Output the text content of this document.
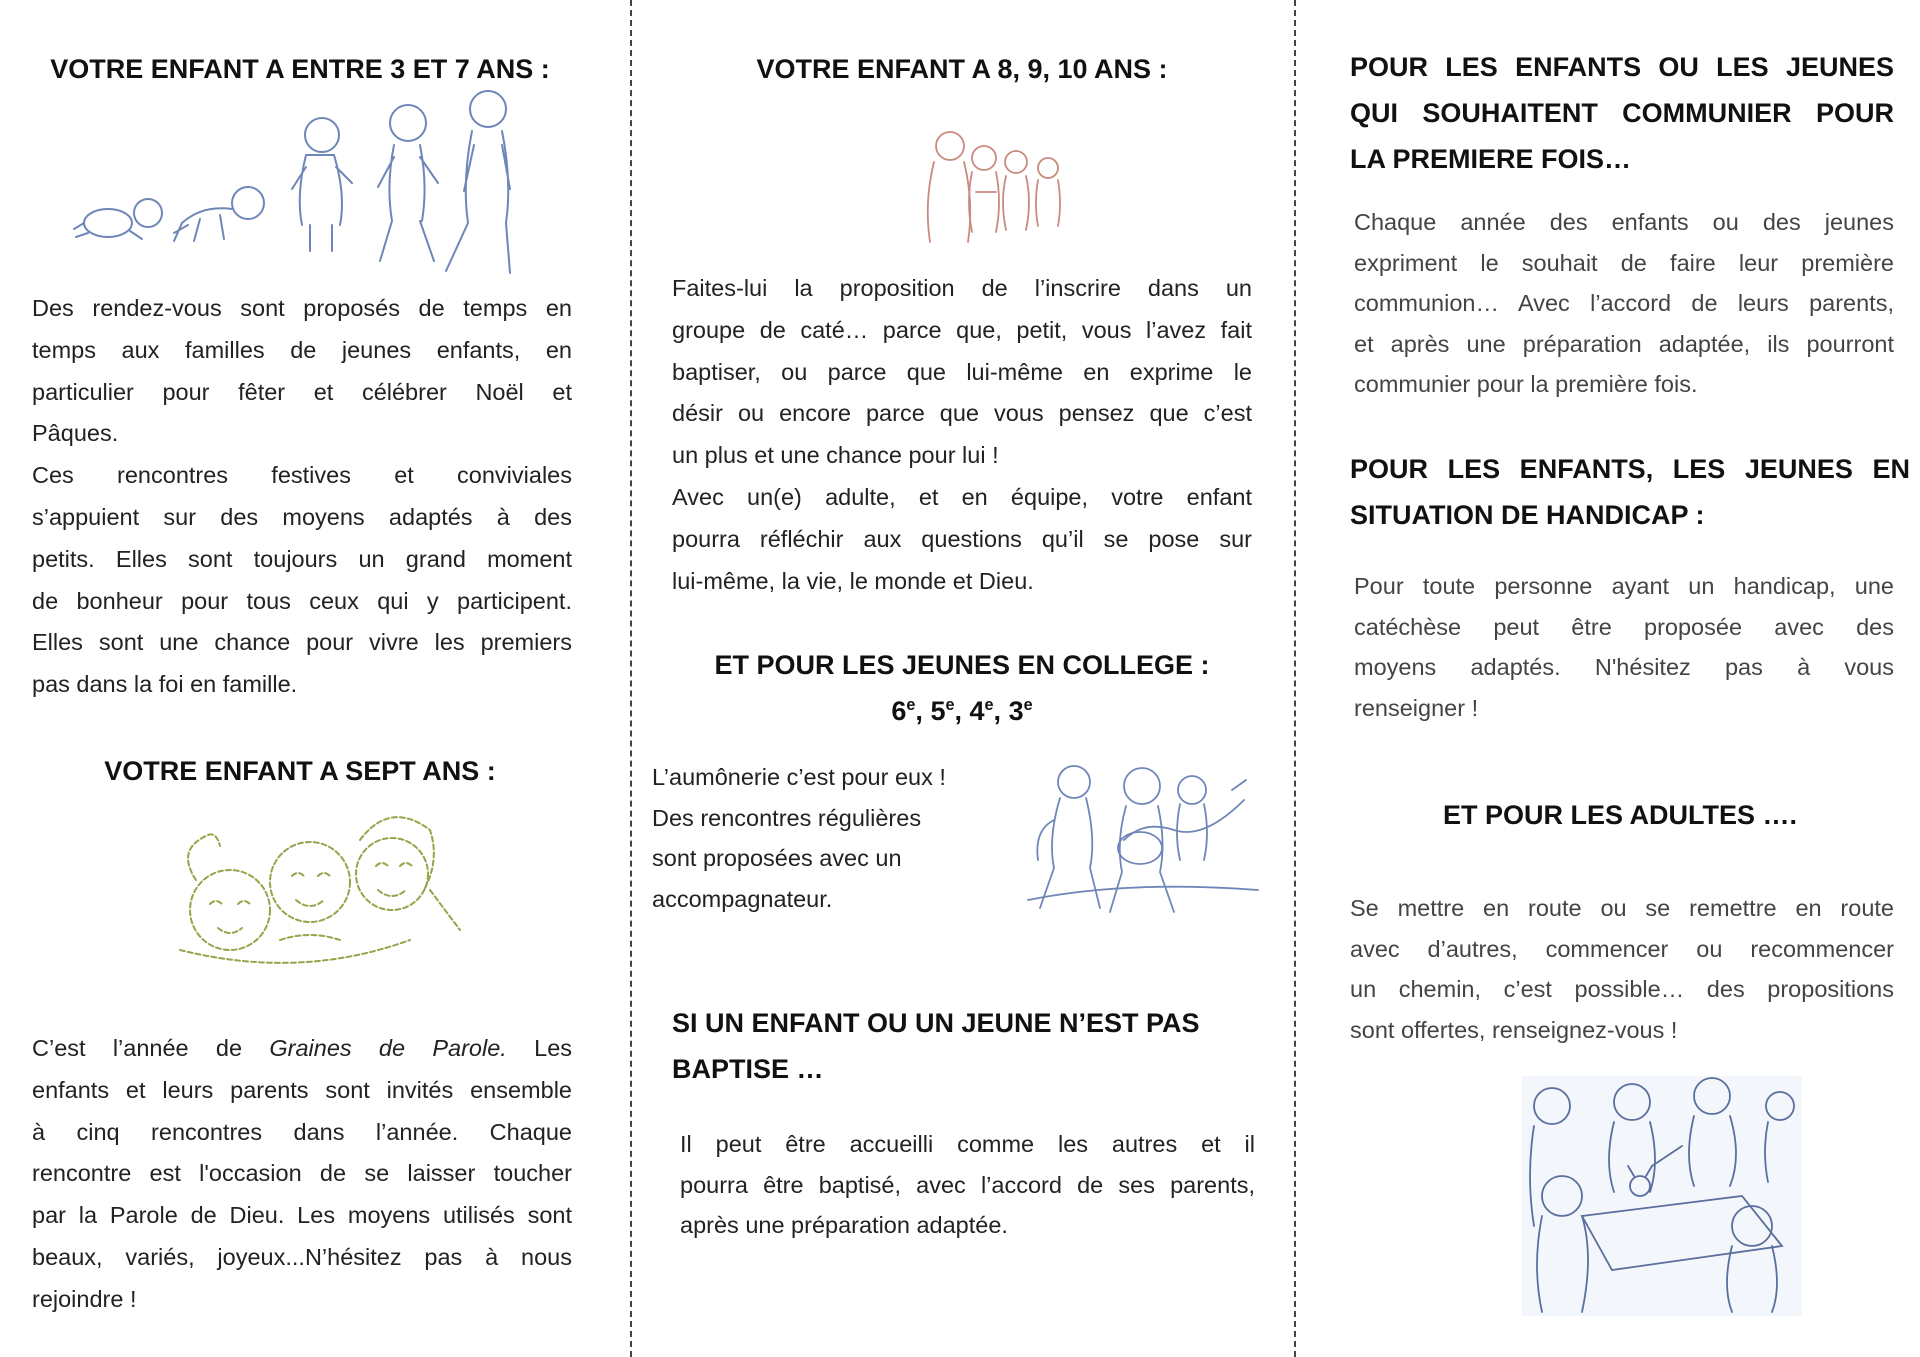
VOTRE ENFANT A ENTRE 3 ET 7 ANS :
Des rendez-vous sont proposés de temps en
temps aux familles de jeunes enfants, en
particulier pour fêter et célébrer Noël et
Pâques.
Ces rencontres festives et conviviales
s’appuient sur des moyens adaptés à des
petits. Elles sont toujours un grand moment
de bonheur pour tous ceux qui y participent.
Elles sont une chance pour vivre les premiers
pas dans la foi en famille.
VOTRE ENFANT A SEPT ANS :
C’est l’année de Graines de Parole. Les
enfants et leurs parents sont invités ensemble
à cinq rencontres dans l’année. Chaque
rencontre est l'occasion de se laisser toucher
par la Parole de Dieu. Les moyens utilisés sont
beaux, variés, joyeux...N’hésitez pas à nous
rejoindre !
VOTRE ENFANT A 8, 9, 10 ANS :
Faites-lui la proposition de l’inscrire dans un
groupe de caté… parce que, petit, vous l’avez fait
baptiser, ou parce que lui-même en exprime le
désir ou encore parce que vous pensez que c’est
un plus et une chance pour lui !
Avec un(e) adulte, et en équipe, votre enfant
pourra réfléchir aux questions qu’il se pose sur
lui-même, la vie, le monde et Dieu.
ET POUR LES JEUNES EN COLLEGE :
6e, 5e, 4e, 3e
L’aumônerie c’est pour eux !
Des rencontres régulières
sont proposées avec un
accompagnateur.
SI UN ENFANT OU UN JEUNE N’EST PAS
BAPTISE …
Il peut être accueilli comme les autres et il
pourra être baptisé, avec l’accord de ses parents,
après une préparation adaptée.
POUR LES ENFANTS OU LES JEUNES
QUI SOUHAITENT COMMUNIER POUR
LA PREMIERE FOIS…
Chaque année des enfants ou des jeunes
expriment le souhait de faire leur première
communion… Avec l’accord de leurs parents,
et après une préparation adaptée, ils pourront
communier pour la première fois.
POUR LES ENFANTS, LES JEUNES EN
SITUATION DE HANDICAP :
Pour toute personne ayant un handicap, une
catéchèse peut être proposée avec des
moyens adaptés. N'hésitez pas à vous
renseigner !
ET POUR LES ADULTES ….
Se mettre en route ou se remettre en route
avec d’autres, commencer ou recommencer
un chemin, c’est possible… des propositions
sont offertes, renseignez-vous !
